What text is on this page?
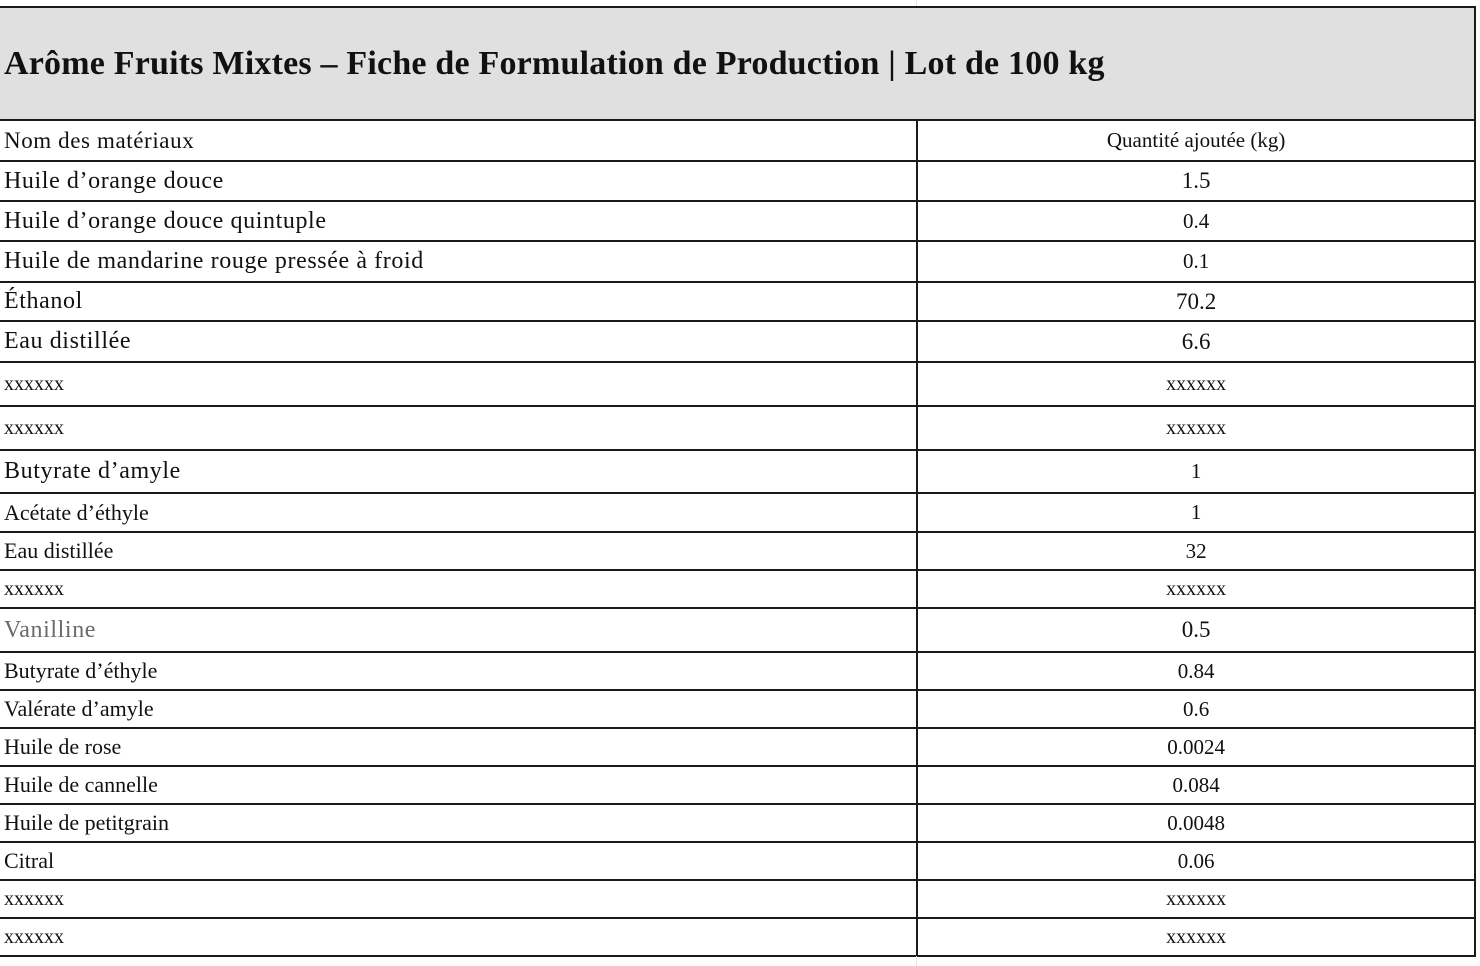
Arôme Fruits Mixtes – Fiche de Formulation de Production | Lot de 100 kg
Nom des matériaux	Quantité ajoutée (kg)
Huile d’orange douce	1.5
Huile d’orange douce quintuple	0.4
Huile de mandarine rouge pressée à froid	0.1
Éthanol	70.2
Eau distillée	6.6
xxxxxx	xxxxxx
xxxxxx	xxxxxx
Butyrate d’amyle	1
Acétate d’éthyle	1
Eau distillée	32
xxxxxx	xxxxxx
Vanilline	0.5
Butyrate d’éthyle	0.84
Valérate d’amyle	0.6
Huile de rose	0.0024
Huile de cannelle	0.084
Huile de petitgrain	0.0048
Citral	0.06
xxxxxx	xxxxxx
xxxxxx	xxxxxx
